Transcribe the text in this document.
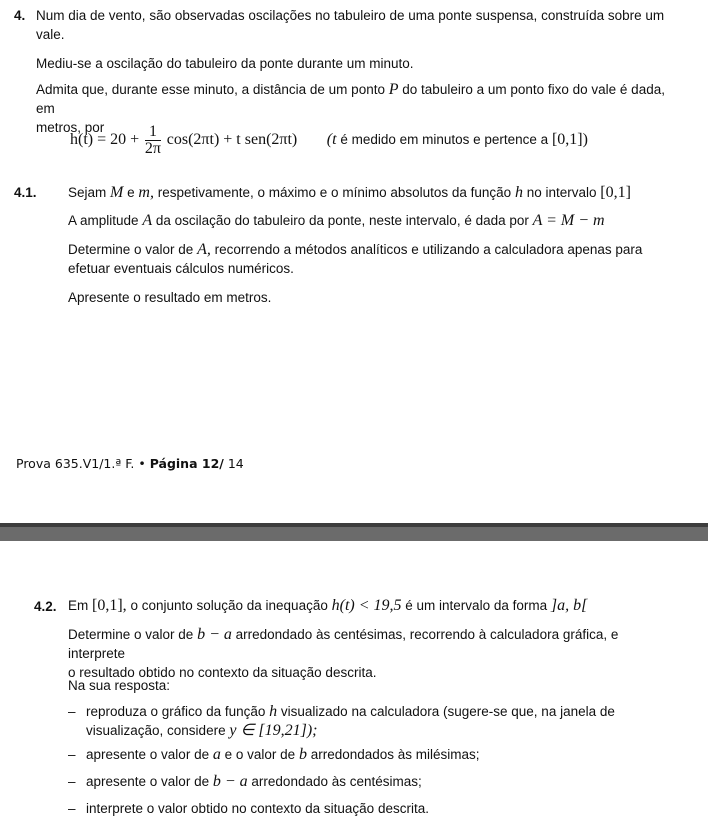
4. Num dia de vento, são observadas oscilações no tabuleiro de uma ponte suspensa, construída sobre um
vale.
Mediu-se a oscilação do tabuleiro da ponte durante um minuto.
Admita que, durante esse minuto, a distância de um ponto P do tabuleiro a um ponto fixo do vale é dada, em
metros, por
$h(t) = 20 + \frac{1}{2\pi} \cos(2\pi t) + t$ sen(2πt) (t é medido em minutos e pertence a [0,1])
4.1. Sejam M e m, respetivamente, o máximo e o mínimo absolutos da função h no intervalo [0,1]
A amplitude A da oscilação do tabuleiro da ponte, neste intervalo, é dada por A = M − m
Determine o valor de A, recorrendo a métodos analíticos e utilizando a calculadora apenas para
efetuar eventuais cálculos numéricos.
Apresente o resultado em metros.
Prova 635.V1/1.ª F. • Página 12/ 14
4.2. Em [0,1], o conjunto solução da inequação h(t) < 19,5 é um intervalo da forma ]a, b[
Determine o valor de b − a arredondado às centésimas, recorrendo à calculadora gráfica, e interprete
o resultado obtido no contexto da situação descrita.
Na sua resposta:
– reproduza o gráfico da função h visualizado na calculadora (sugere-se que, na janela de
visualização, considere y ∈ [19,21]);
– apresente o valor de a e o valor de b arredondados às milésimas;
– apresente o valor de b − a arredondado às centésimas;
– interprete o valor obtido no contexto da situação descrita.
